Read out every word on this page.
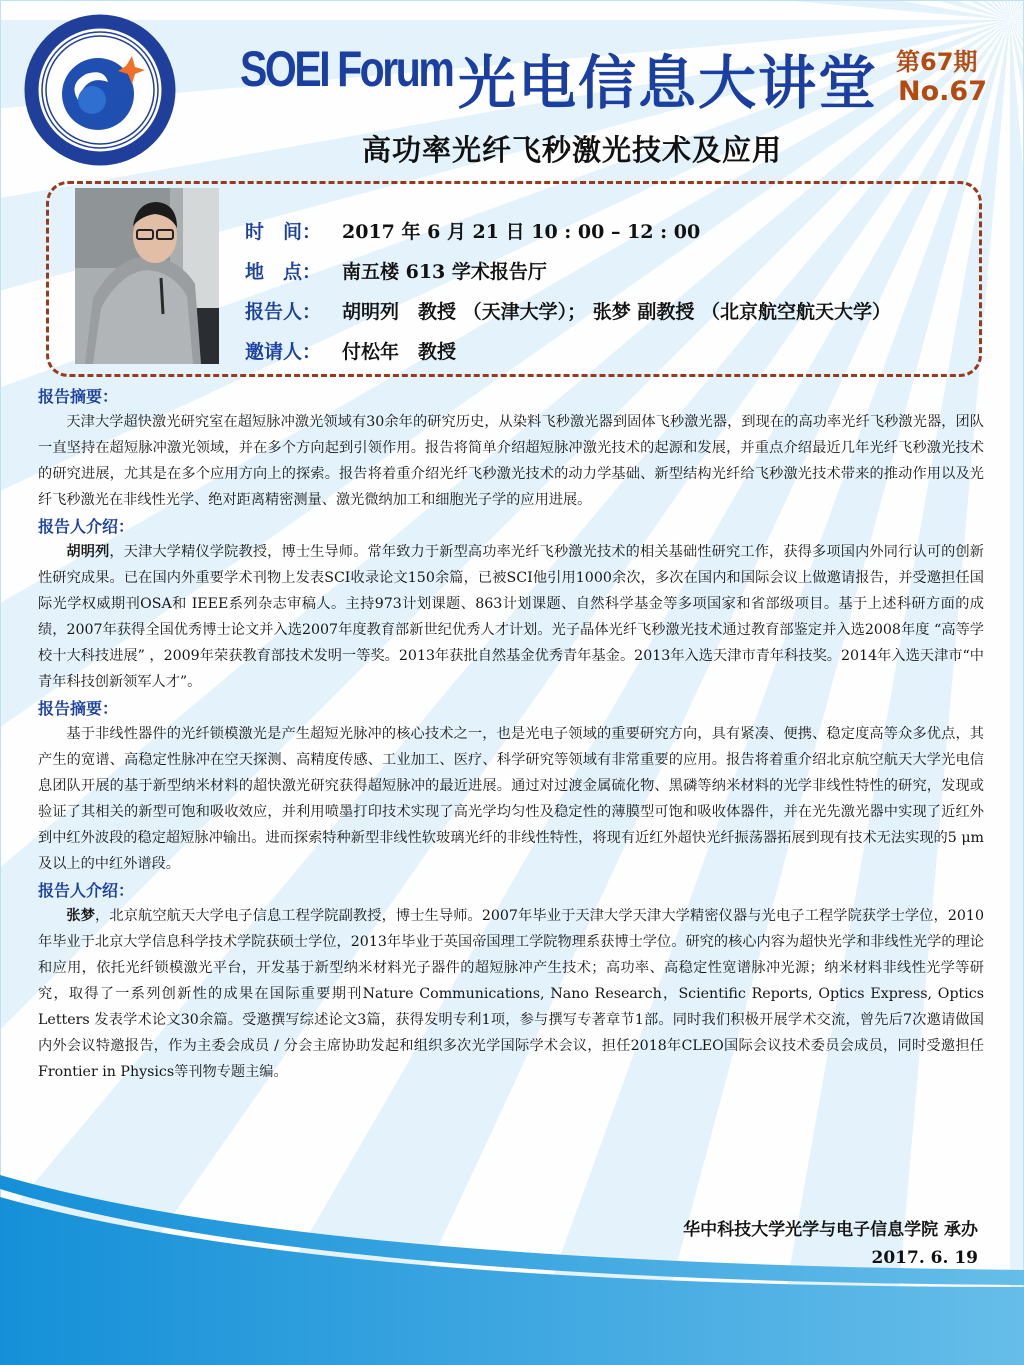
SOEI Forum 光电信息大讲堂 第67期
No.67
高功率光纤飞秒激光技术及应用
时　间：	2017 年 6 月 21 日 10 : 00 – 12 : 00
地　点：	南五楼 613 学术报告厅
报告人：	胡明列　教授 （天津大学）； 张梦 副教授 （北京航空航天大学）
邀请人：	付松年　教授

报告摘要：

天津大学超快激光研究室在超短脉冲激光领域有30余年的研究历史，从染料飞秒激光器到固体飞秒激光器，到现在的高功率光纤飞秒激光器，团队一直坚持在超短脉冲激光领域，并在多个方向起到引领作用。报告将简单介绍超短脉冲激光技术的起源和发展，并重点介绍最近几年光纤飞秒激光技术的研究进展，尤其是在多个应用方向上的探索。报告将着重介绍光纤飞秒激光技术的动力学基础、新型结构光纤给飞秒激光技术带来的推动作用以及光纤飞秒激光在非线性光学、绝对距离精密测量、激光微纳加工和细胞光子学的应用进展。

报告人介绍：

胡明列，天津大学精仪学院教授，博士生导师。常年致力于新型高功率光纤飞秒激光技术的相关基础性研究工作，获得多项国内外同行认可的创新性研究成果。已在国内外重要学术刊物上发表SCI收录论文150余篇，已被SCI他引用1000余次，多次在国内和国际会议上做邀请报告，并受邀担任国际光学权威期刊OSA和 IEEE系列杂志审稿人。主持973计划课题、863计划课题、自然科学基金等多项国家和省部级项目。基于上述科研方面的成绩，2007年获得全国优秀博士论文并入选2007年度教育部新世纪优秀人才计划。光子晶体光纤飞秒激光技术通过教育部鉴定并入选2008年度 “高等学校十大科技进展” ，2009年荣获教育部技术发明一等奖。2013年获批自然基金优秀青年基金。2013年入选天津市青年科技奖。2014年入选天津市“中青年科技创新领军人才”。

报告摘要：

基于非线性器件的光纤锁模激光是产生超短光脉冲的核心技术之一，也是光电子领域的重要研究方向，具有紧凑、便携、稳定度高等众多优点，其产生的宽谱、高稳定性脉冲在空天探测、高精度传感、工业加工、医疗、科学研究等领域有非常重要的应用。报告将着重介绍北京航空航天大学光电信息团队开展的基于新型纳米材料的超快激光研究获得超短脉冲的最近进展。通过对过渡金属硫化物、黑磷等纳米材料的光学非线性特性的研究，发现或验证了其相关的新型可饱和吸收效应，并利用喷墨打印技术实现了高光学均匀性及稳定性的薄膜型可饱和吸收体器件，并在光先激光器中实现了近红外到中红外波段的稳定超短脉冲输出。进而探索特种新型非线性软玻璃光纤的非线性特性，将现有近红外超快光纤振荡器拓展到现有技术无法实现的5 μm及以上的中红外谱段。

报告人介绍：

张梦，北京航空航天大学电子信息工程学院副教授，博士生导师。2007年毕业于天津大学天津大学精密仪器与光电子工程学院获学士学位，2010年毕业于北京大学信息科学技术学院获硕士学位，2013年毕业于英国帝国理工学院物理系获博士学位。研究的核心内容为超快光学和非线性光学的理论和应用，依托光纤锁模激光平台，开发基于新型纳米材料光子器件的超短脉冲产生技术；高功率、高稳定性宽谱脉冲光源；纳米材料非线性光学等研究，取得了一系列创新性的成果在国际重要期刊Nature Communications, Nano Research，Scientific Reports, Optics Express, Optics Letters 发表学术论文30余篇。受邀撰写综述论文3篇，获得发明专利1项，参与撰写专著章节1部。同时我们积极开展学术交流，曾先后7次邀请做国内外会议特邀报告，作为主委会成员 / 分会主席协助发起和组织多次光学国际学术会议，担任2018年CLEO国际会议技术委员会成员，同时受邀担任Frontier in Physics等刊物专题主编。

华中科技大学光学与电子信息学院 承办
2017. 6. 19
